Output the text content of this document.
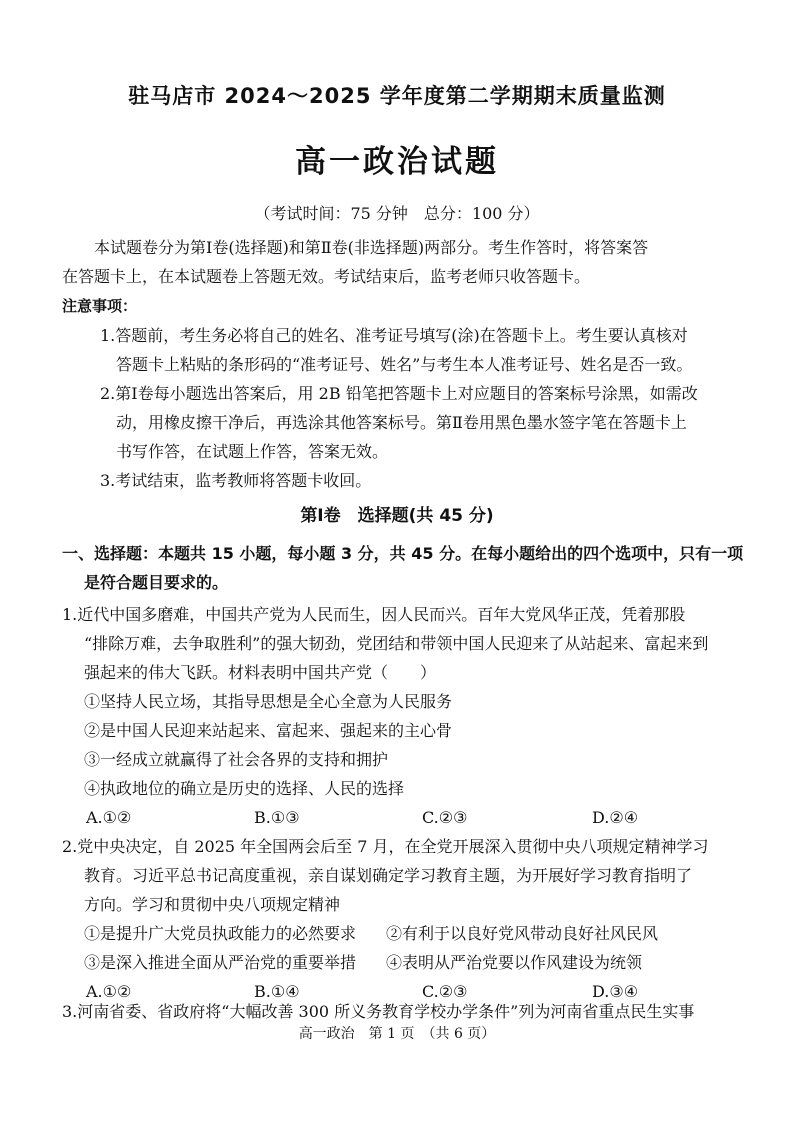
驻马店市 2024～2025 学年度第二学期期末质量监测
高一政治试题
（考试时间：75 分钟　总分：100 分）
本试题卷分为第Ⅰ卷(选择题)和第Ⅱ卷(非选择题)两部分。考生作答时，将答案答
在答题卡上，在本试题卷上答题无效。考试结束后，监考老师只收答题卡。
注意事项：
1.答题前，考生务必将自己的姓名、准考证号填写(涂)在答题卡上。考生要认真核对
答题卡上粘贴的条形码的“准考证号、姓名”与考生本人准考证号、姓名是否一致。
2.第Ⅰ卷每小题选出答案后，用 2B 铅笔把答题卡上对应题目的答案标号涂黑，如需改
动，用橡皮擦干净后，再选涂其他答案标号。第Ⅱ卷用黑色墨水签字笔在答题卡上
书写作答，在试题上作答，答案无效。
3.考试结束，监考教师将答题卡收回。
第Ⅰ卷　选择题(共 45 分)
一、选择题：本题共 15 小题，每小题 3 分，共 45 分。在每小题给出的四个选项中，只有一项
是符合题目要求的。
1.近代中国多磨难，中国共产党为人民而生，因人民而兴。百年大党风华正茂，凭着那股
“排除万难，去争取胜利”的强大韧劲，党团结和带领中国人民迎来了从站起来、富起来到
强起来的伟大飞跃。材料表明中国共产党（　　）
①坚持人民立场，其指导思想是全心全意为人民服务
②是中国人民迎来站起来、富起来、强起来的主心骨
③一经成立就赢得了社会各界的支持和拥护
④执政地位的确立是历史的选择、人民的选择
A.①②	B.①③	C.②③	D.②④
2.党中央决定，自 2025 年全国两会后至 7 月，在全党开展深入贯彻中央八项规定精神学习
教育。习近平总书记高度重视，亲自谋划确定学习教育主题，为开展好学习教育指明了
方向。学习和贯彻中央八项规定精神
①是提升广大党员执政能力的必然要求 ②有利于以良好党风带动良好社风民风
③是深入推进全面从严治党的重要举措 ④表明从严治党要以作风建设为统领
A.①②	B.①④	C.②③	D.③④
3.河南省委、省政府将“大幅改善 300 所义务教育学校办学条件”列为河南省重点民生实事
高一政治　第 1 页　（共 6 页）
